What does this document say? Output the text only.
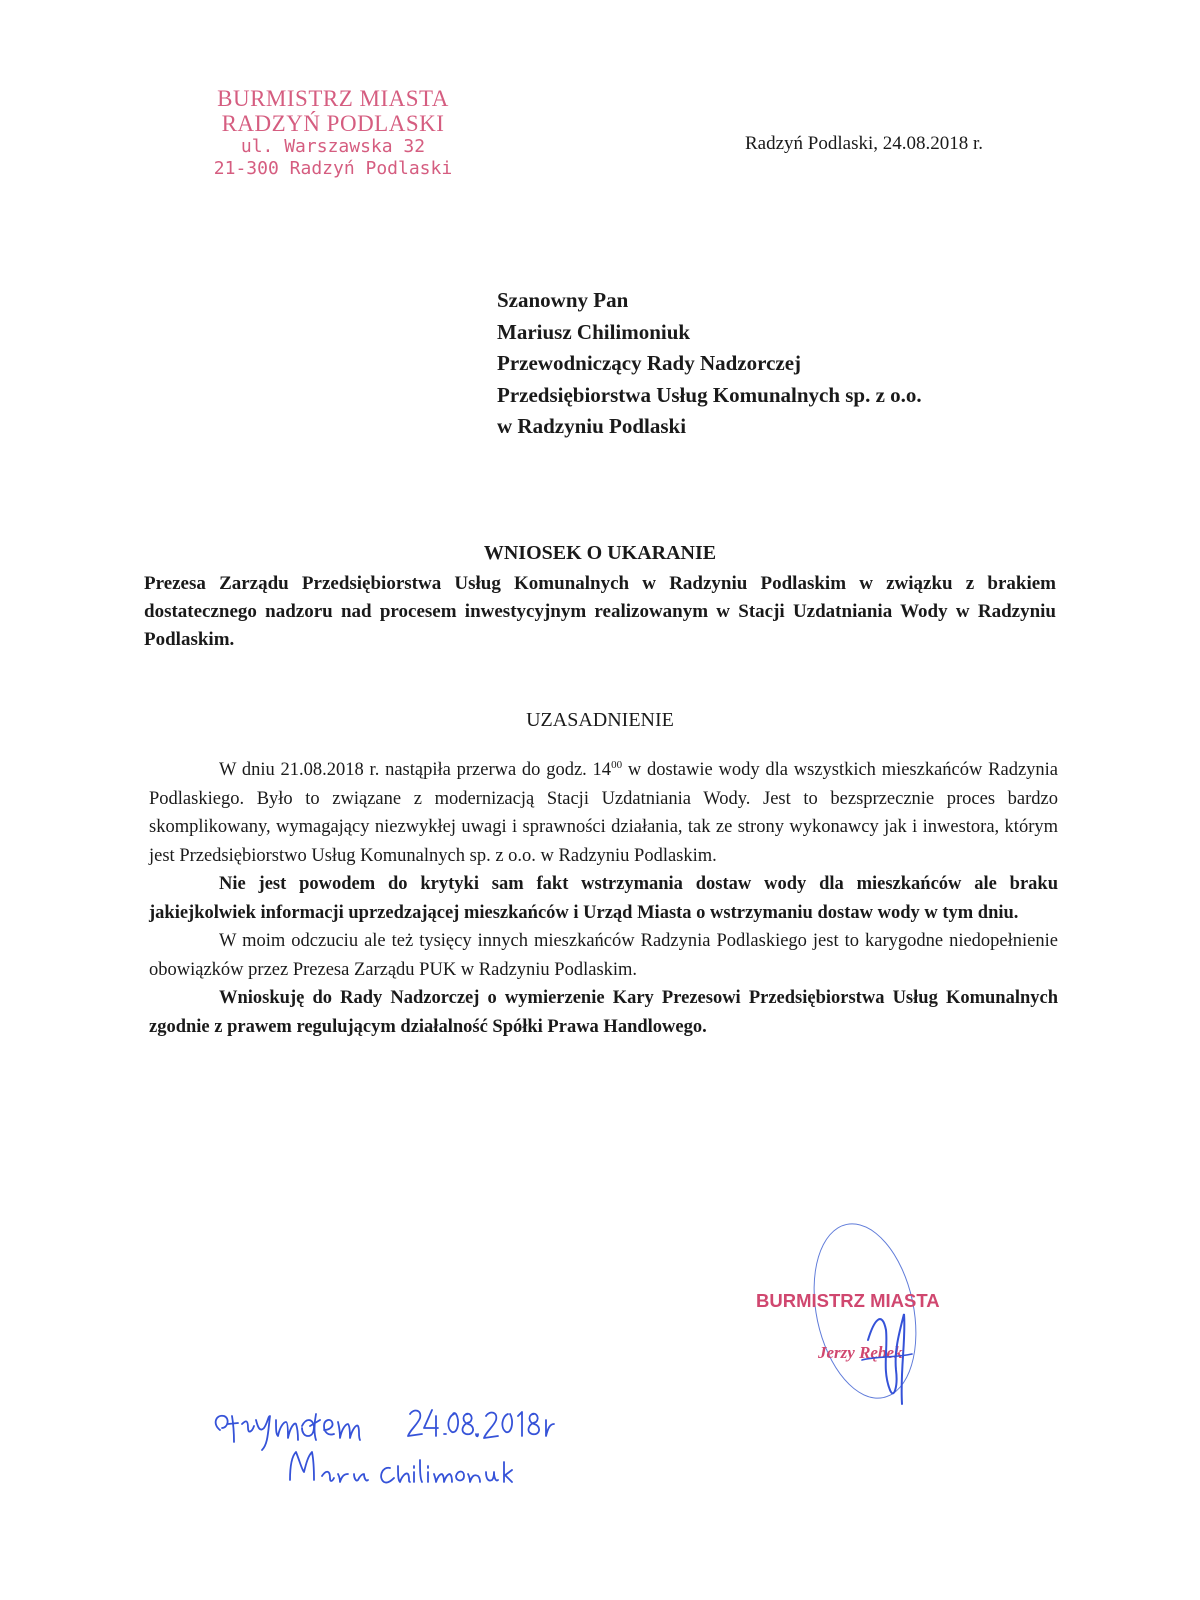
BURMISTRZ MIASTA
RADZYŃ PODLASKI
ul. Warszawska 32
21-300 Radzyń Podlaski
Radzyń Podlaski, 24.08.2018 r.
Szanowny Pan
Mariusz Chilimoniuk
Przewodniczący Rady Nadzorczej
Przedsiębiorstwa Usług Komunalnych sp. z o.o.
w Radzyniu Podlaski
WNIOSEK O UKARANIE
Prezesa Zarządu Przedsiębiorstwa Usług Komunalnych w Radzyniu Podlaskim w związku z brakiem dostatecznego nadzoru nad procesem inwestycyjnym realizowanym w Stacji Uzdatniania Wody w Radzyniu Podlaskim.
UZASADNIENIE

W dniu 21.08.2018 r. nastąpiła przerwa do godz. $14^{00}$ w dostawie wody dla wszystkich mieszkańców Radzynia Podlaskiego. Było to związane z modernizacją Stacji Uzdatniania Wody. Jest to bezsprzecznie proces bardzo skomplikowany, wymagający niezwykłej uwagi i sprawności działania, tak ze strony wykonawcy jak i inwestora, którym jest Przedsiębiorstwo Usług Komunalnych sp. z o.o. w Radzyniu Podlaskim.

Nie jest powodem do krytyki sam fakt wstrzymania dostaw wody dla mieszkańców ale braku jakiejkolwiek informacji uprzedzającej mieszkańców i Urząd Miasta o wstrzymaniu dostaw wody w tym dniu.

W moim odczuciu ale też tysięcy innych mieszkańców Radzynia Podlaskiego jest to karygodne niedopełnienie obowiązków przez Prezesa Zarządu PUK w Radzyniu Podlaskim.

Wnioskuję do Rady Nadzorczej o wymierzenie Kary Prezesowi Przedsiębiorstwa Usług Komunalnych zgodnie z prawem regulującym działalność Spółki Prawa Handlowego.

BURMISTRZ MIASTA
Jerzy Rębek
